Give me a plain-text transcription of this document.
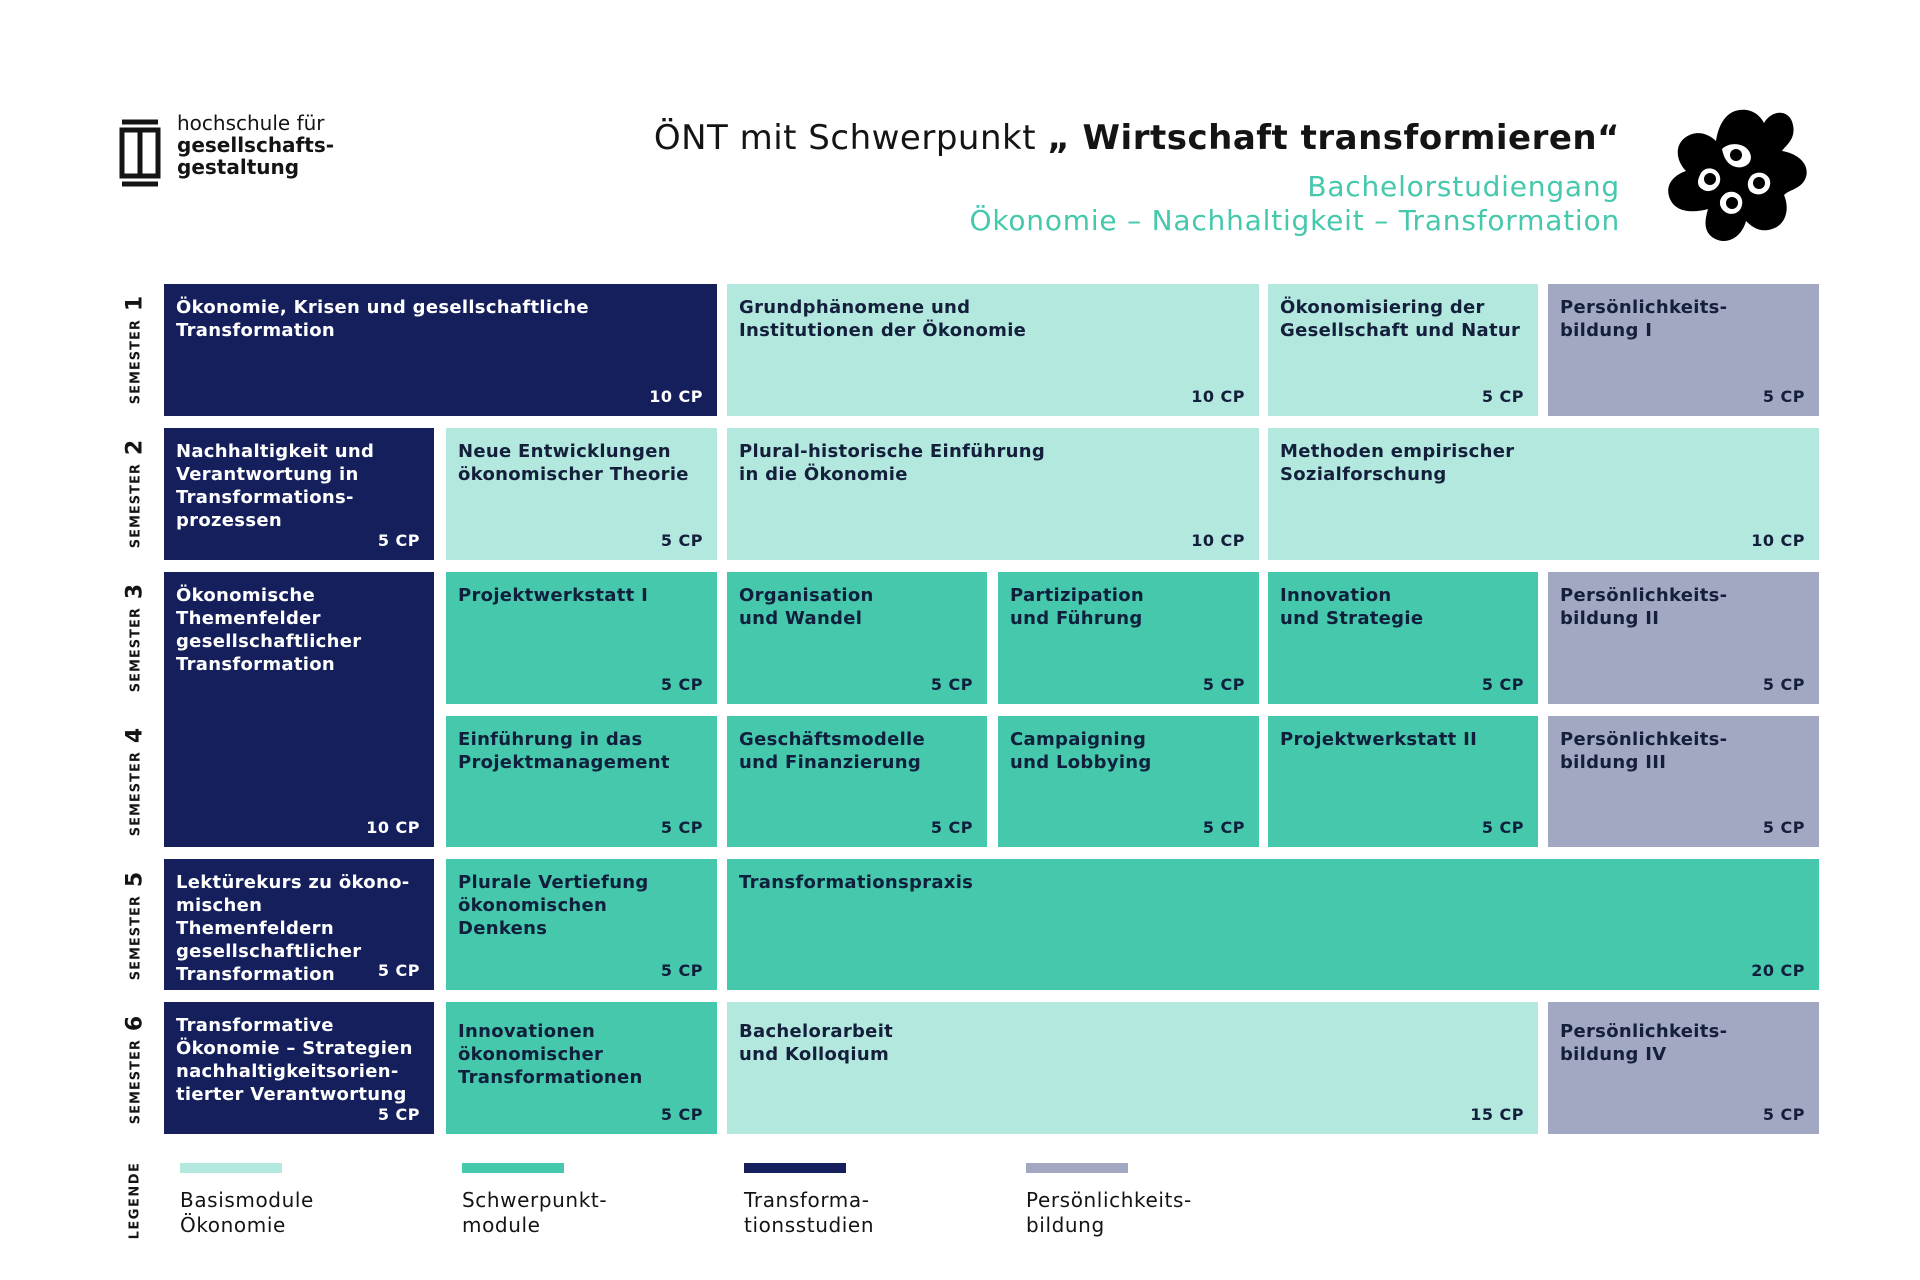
hochschule für
gesellschafts-
gestaltung
ÖNT mit Schwerpunkt „ Wirtschaft transformieren“
Bachelorstudiengang
Ökonomie – Nachhaltigkeit – Transformation
SEMESTER1
SEMESTER2
SEMESTER3
SEMESTER4
SEMESTER5
SEMESTER6
Ökonomie, Krisen und gesellschaftliche
Transformation
10 CP
Grundphänomene und
Institutionen der Ökonomie
10 CP
Ökonomisiering der
Gesellschaft und Natur
5 CP
Persönlichkeits-
bildung I
5 CP
Nachhaltigkeit und
Verantwortung in
Transformations-
prozessen
5 CP
Neue Entwicklungen
ökonomischer Theorie
5 CP
Plural-historische Einführung
in die Ökonomie
10 CP
Methoden empirischer
Sozialforschung
10 CP
Ökonomische
Themenfelder
gesellschaftlicher
Transformation
10 CP
Projektwerkstatt I
5 CP
Organisation
und Wandel
5 CP
Partizipation
und Führung
5 CP
Innovation
und Strategie
5 CP
Persönlichkeits-
bildung II
5 CP
Einführung in das
Projektmanagement
5 CP
Geschäftsmodelle
und Finanzierung
5 CP
Campaigning
und Lobbying
5 CP
Projektwerkstatt II
5 CP
Persönlichkeits-
bildung III
5 CP
Lektürekurs zu ökono-
mischen Themenfeldern
gesellschaftlicher
Transformation	5 CP
Plurale Vertiefung
ökonomischen
Denkens
5 CP
Transformationspraxis
20 CP
Transformative
Ökonomie – Strategien
nachhaltigkeitsorien-
tierter Verantwortung
5 CP
Innovationen
ökonomischer
Transformationen
5 CP
Bachelorarbeit
und Kolloqium
15 CP
Persönlichkeits-
bildung IV
5 CP
LEGENDE Basismodule
Ökonomie
Schwerpunkt-
module
Transforma-
tionsstudien
Persönlichkeits-
bildung
